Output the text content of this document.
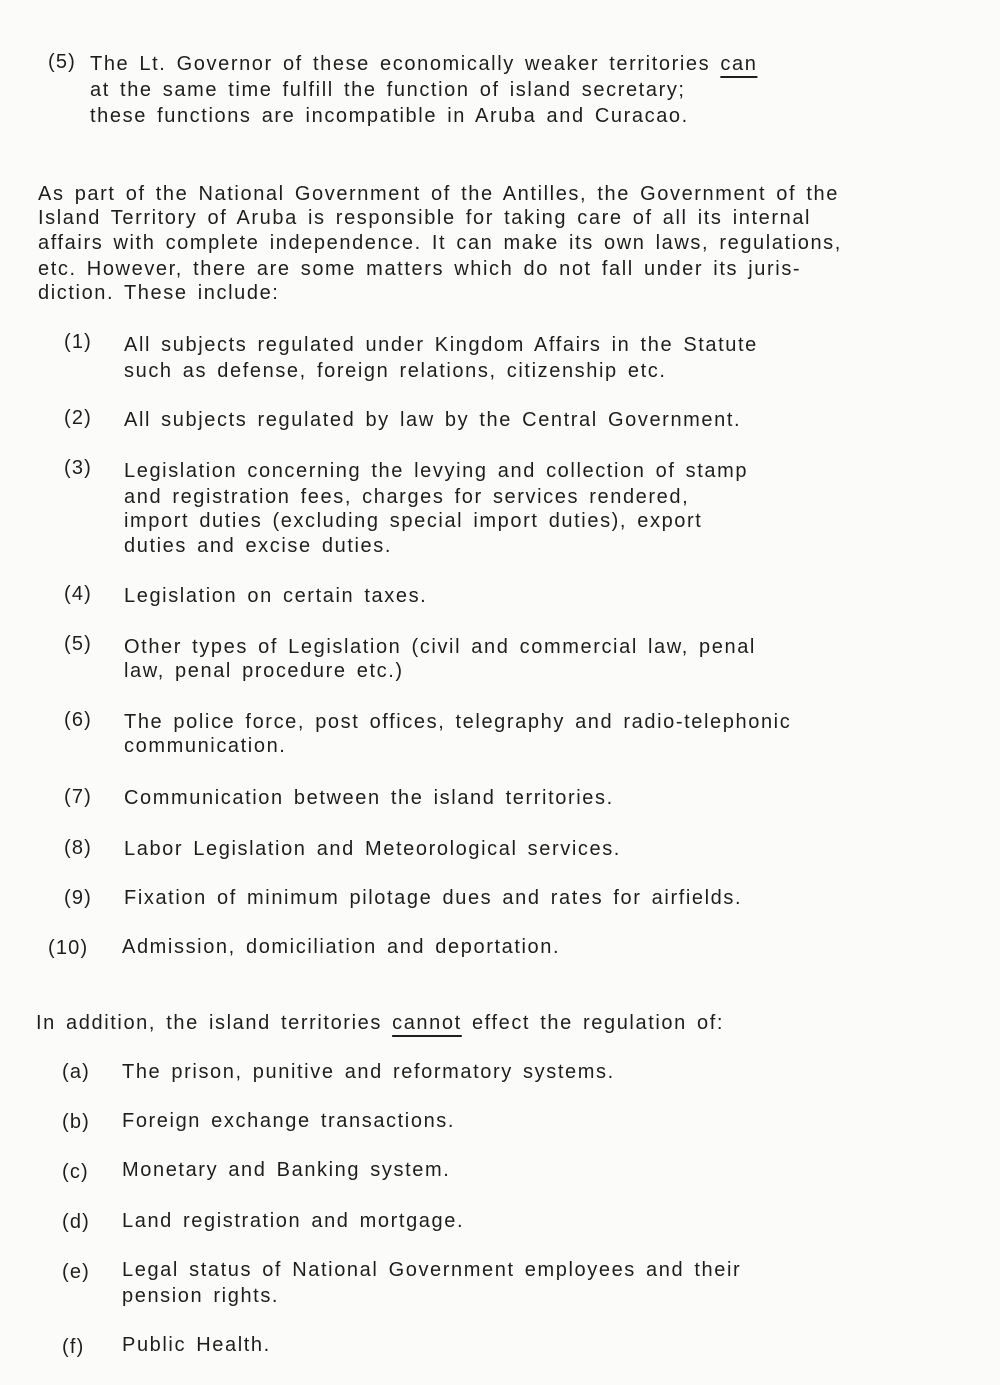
(5) The Lt. Governor of these economically weaker territories can
at the same time fulfill the function of island secretary;
these functions are incompatible in Aruba and Curacao.
As part of the National Government of the Antilles, the Government of the
Island Territory of Aruba is responsible for taking care of all its internal
affairs with complete independence. It can make its own laws, regulations,
etc. However, there are some matters which do not fall under its juris-
diction. These include:
(1) All subjects regulated under Kingdom Affairs in the Statute
such as defense, foreign relations, citizenship etc.
(2) All subjects regulated by law by the Central Government.
(3) Legislation concerning the levying and collection of stamp
and registration fees, charges for services rendered,
import duties (excluding special import duties), export
duties and excise duties.
(4) Legislation on certain taxes.
(5) Other types of Legislation (civil and commercial law, penal
law, penal procedure etc.)
(6) The police force, post offices, telegraphy and radio-telephonic
communication.
(7) Communication between the island territories.
(8) Labor Legislation and Meteorological services.
(9) Fixation of minimum pilotage dues and rates for airfields.
(10) Admission, domiciliation and deportation.
In addition, the island territories cannot effect the regulation of:
(a) The prison, punitive and reformatory systems.
(b) Foreign exchange transactions.
(c) Monetary and Banking system.
(d) Land registration and mortgage.
(e) Legal status of National Government employees and their
pension rights.
(f) Public Health.
